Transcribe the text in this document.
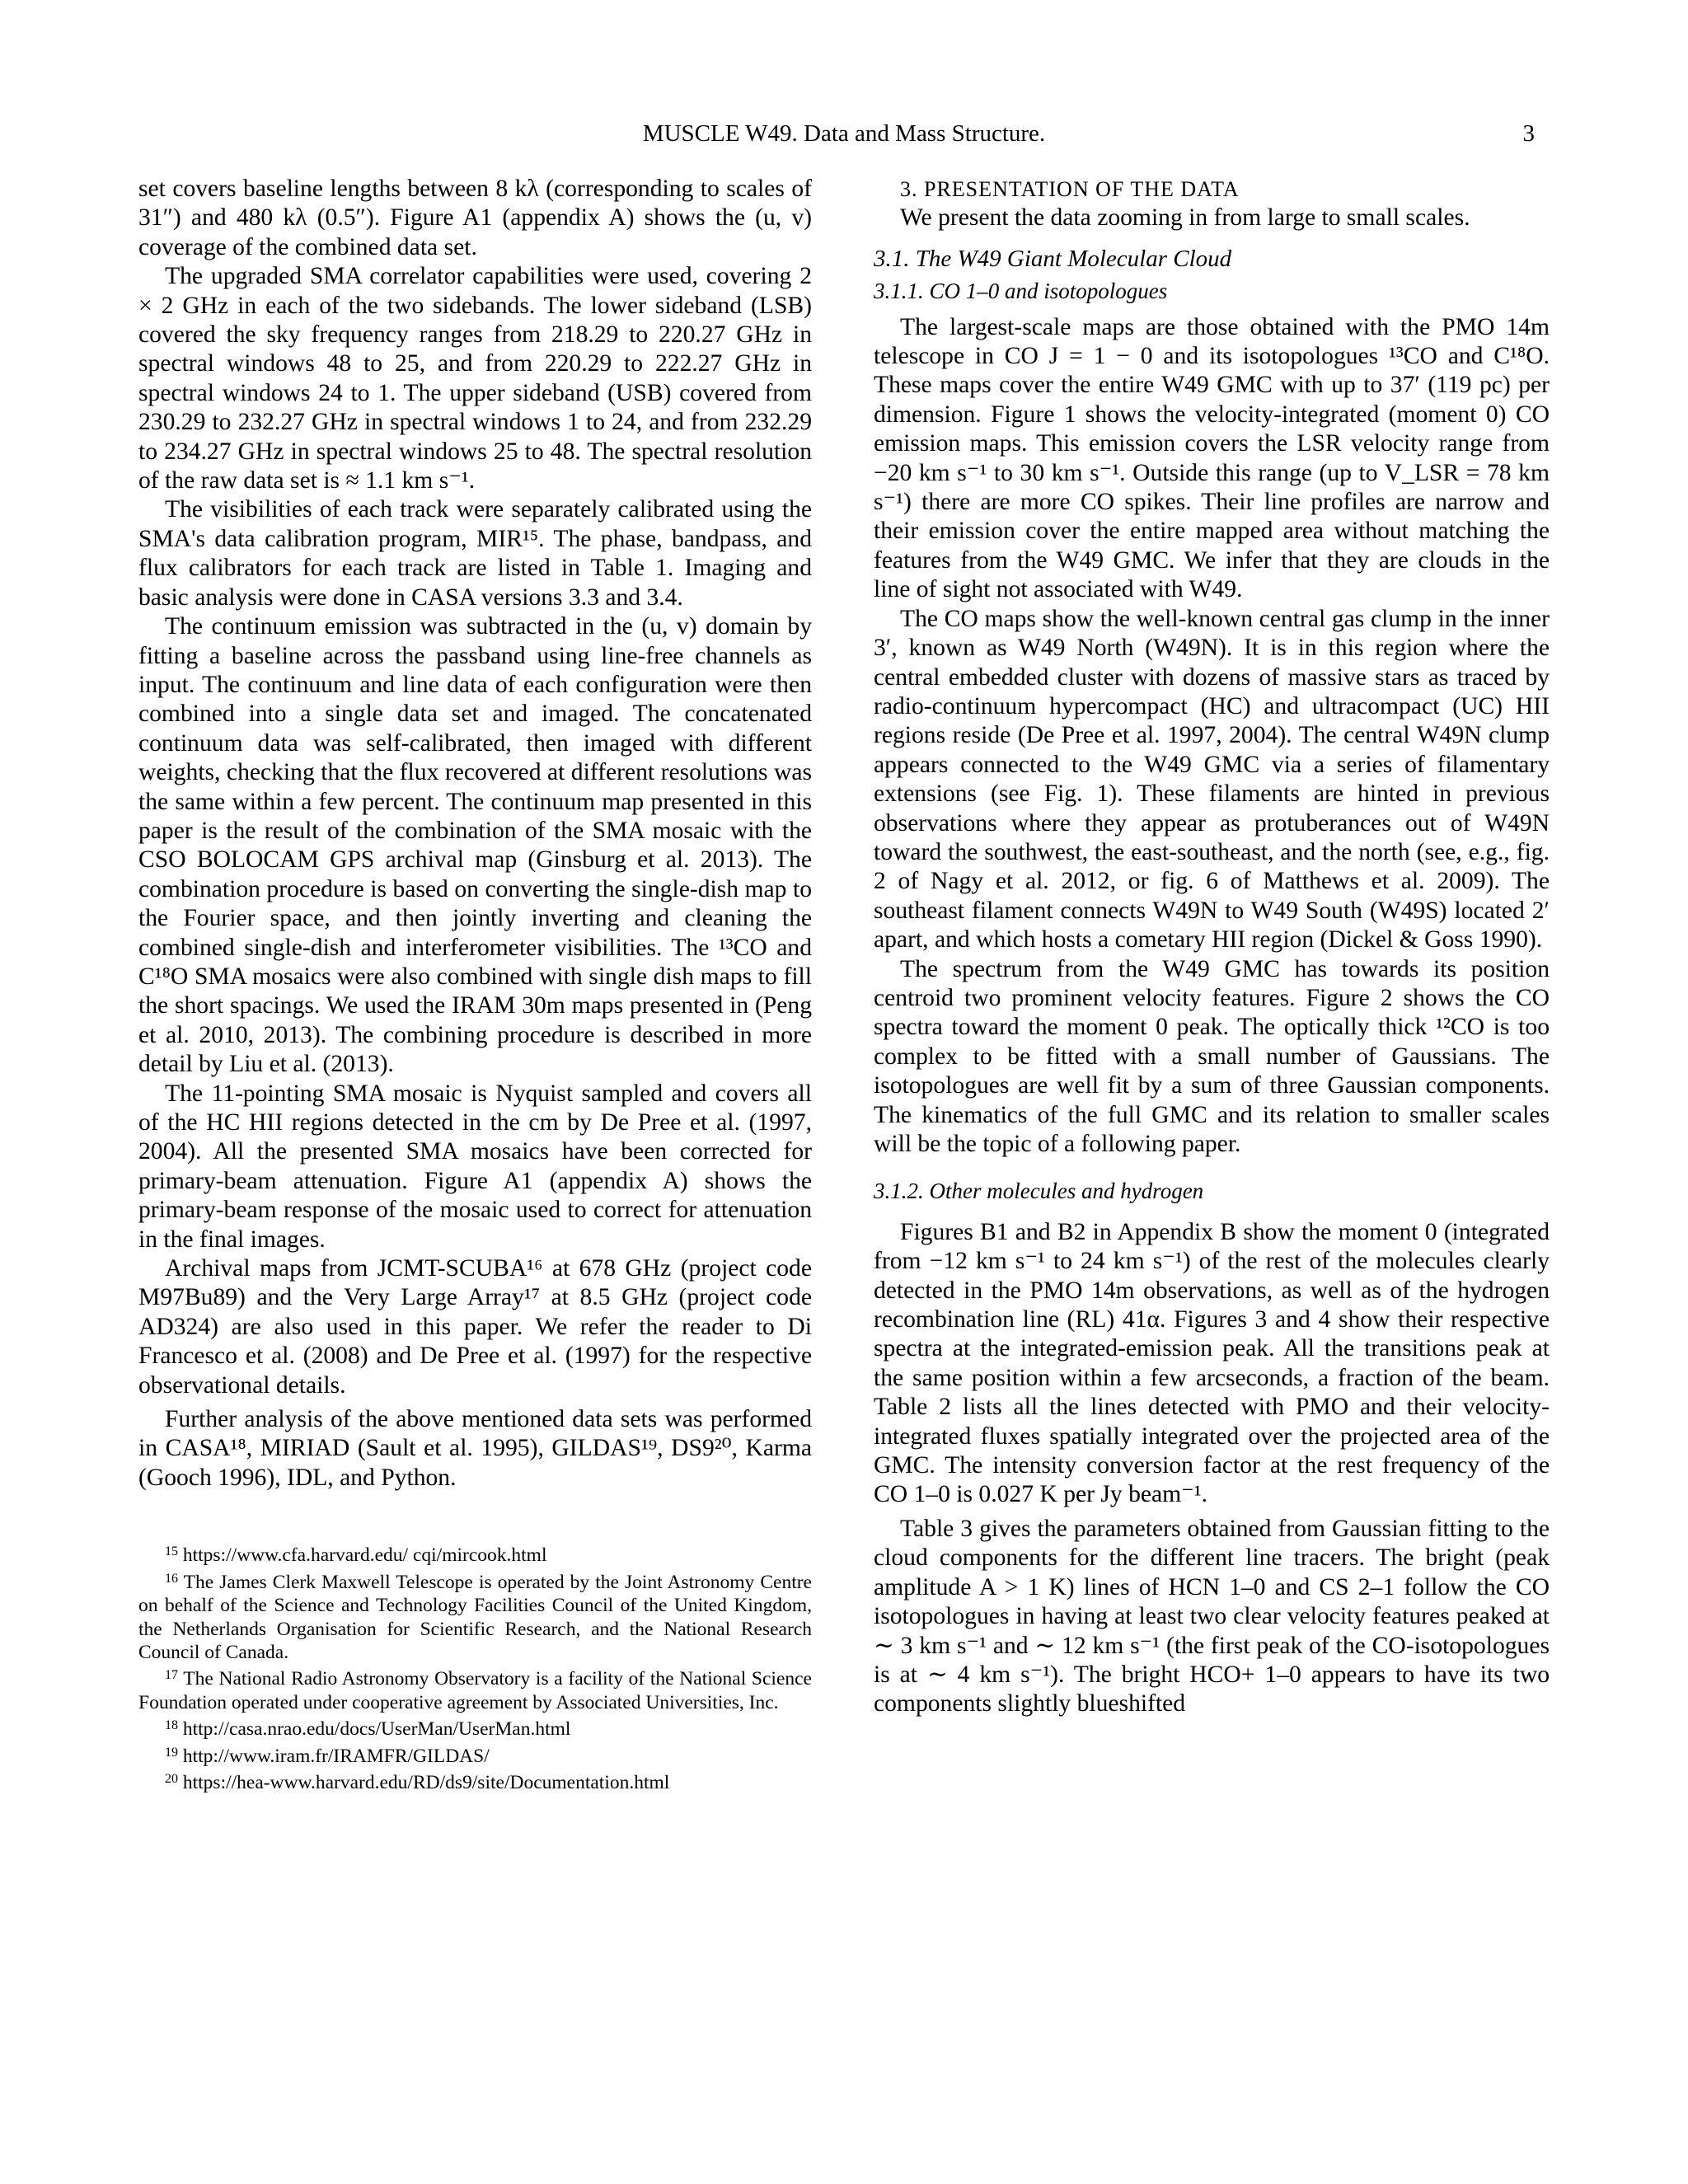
MUSCLE W49. Data and Mass Structure.	3

set covers baseline lengths between 8 kλ (corresponding to scales of 31″) and 480 kλ (0.5″). Figure A1 (appendix A) shows the (u, v) coverage of the combined data set.

The upgraded SMA correlator capabilities were used, covering 2 × 2 GHz in each of the two sidebands. The lower sideband (LSB) covered the sky frequency ranges from 218.29 to 220.27 GHz in spectral windows 48 to 25, and from 220.29 to 222.27 GHz in spectral windows 24 to 1. The upper sideband (USB) covered from 230.29 to 232.27 GHz in spectral windows 1 to 24, and from 232.29 to 234.27 GHz in spectral windows 25 to 48. The spectral resolution of the raw data set is ≈ 1.1 km s⁻¹.

The visibilities of each track were separately calibrated using the SMA's data calibration program, MIR¹⁵. The phase, bandpass, and flux calibrators for each track are listed in Table 1. Imaging and basic analysis were done in CASA versions 3.3 and 3.4.

The continuum emission was subtracted in the (u, v) domain by fitting a baseline across the passband using line-free channels as input. The continuum and line data of each configuration were then combined into a single data set and imaged. The concatenated continuum data was self-calibrated, then imaged with different weights, checking that the flux recovered at different resolutions was the same within a few percent. The continuum map presented in this paper is the result of the combination of the SMA mosaic with the CSO BOLOCAM GPS archival map (Ginsburg et al. 2013). The combination procedure is based on converting the single-dish map to the Fourier space, and then jointly inverting and cleaning the combined single-dish and interferometer visibilities. The ¹³CO and C¹⁸O SMA mosaics were also combined with single dish maps to fill the short spacings. We used the IRAM 30m maps presented in (Peng et al. 2010, 2013). The combining procedure is described in more detail by Liu et al. (2013).

The 11-pointing SMA mosaic is Nyquist sampled and covers all of the HC HII regions detected in the cm by De Pree et al. (1997, 2004). All the presented SMA mosaics have been corrected for primary-beam attenuation. Figure A1 (appendix A) shows the primary-beam response of the mosaic used to correct for attenuation in the final images.

Archival maps from JCMT-SCUBA¹⁶ at 678 GHz (project code M97Bu89) and the Very Large Array¹⁷ at 8.5 GHz (project code AD324) are also used in this paper. We refer the reader to Di Francesco et al. (2008) and De Pree et al. (1997) for the respective observational details.

Further analysis of the above mentioned data sets was performed in CASA¹⁸, MIRIAD (Sault et al. 1995), GILDAS¹⁹, DS9²⁰, Karma (Gooch 1996), IDL, and Python.

$^{15}$ https://www.cfa.harvard.edu/ cqi/mircook.html

$^{16}$ The James Clerk Maxwell Telescope is operated by the Joint Astronomy Centre on behalf of the Science and Technology Facilities Council of the United Kingdom, the Netherlands Organisation for Scientific Research, and the National Research Council of Canada.

$^{17}$ The National Radio Astronomy Observatory is a facility of the National Science Foundation operated under cooperative agreement by Associated Universities, Inc.

$^{18}$ http://casa.nrao.edu/docs/UserMan/UserMan.html

$^{19}$ http://www.iram.fr/IRAMFR/GILDAS/

$^{20}$ https://hea-www.harvard.edu/RD/ds9/site/Documentation.html

3. PRESENTATION OF THE DATA

We present the data zooming in from large to small scales.

3.1. The W49 Giant Molecular Cloud

3.1.1. CO 1–0 and isotopologues

The largest-scale maps are those obtained with the PMO 14m telescope in CO J = 1 − 0 and its isotopologues ¹³CO and C¹⁸O. These maps cover the entire W49 GMC with up to 37′ (119 pc) per dimension. Figure 1 shows the velocity-integrated (moment 0) CO emission maps. This emission covers the LSR velocity range from −20 km s⁻¹ to 30 km s⁻¹. Outside this range (up to V_LSR = 78 km s⁻¹) there are more CO spikes. Their line profiles are narrow and their emission cover the entire mapped area without matching the features from the W49 GMC. We infer that they are clouds in the line of sight not associated with W49.

The CO maps show the well-known central gas clump in the inner 3′, known as W49 North (W49N). It is in this region where the central embedded cluster with dozens of massive stars as traced by radio-continuum hypercompact (HC) and ultracompact (UC) HII regions reside (De Pree et al. 1997, 2004). The central W49N clump appears connected to the W49 GMC via a series of filamentary extensions (see Fig. 1). These filaments are hinted in previous observations where they appear as protuberances out of W49N toward the southwest, the east-southeast, and the north (see, e.g., fig. 2 of Nagy et al. 2012, or fig. 6 of Matthews et al. 2009). The southeast filament connects W49N to W49 South (W49S) located 2′ apart, and which hosts a cometary HII region (Dickel & Goss 1990).

The spectrum from the W49 GMC has towards its position centroid two prominent velocity features. Figure 2 shows the CO spectra toward the moment 0 peak. The optically thick ¹²CO is too complex to be fitted with a small number of Gaussians. The isotopologues are well fit by a sum of three Gaussian components. The kinematics of the full GMC and its relation to smaller scales will be the topic of a following paper.

3.1.2. Other molecules and hydrogen

Figures B1 and B2 in Appendix B show the moment 0 (integrated from −12 km s⁻¹ to 24 km s⁻¹) of the rest of the molecules clearly detected in the PMO 14m observations, as well as of the hydrogen recombination line (RL) 41α. Figures 3 and 4 show their respective spectra at the integrated-emission peak. All the transitions peak at the same position within a few arcseconds, a fraction of the beam. Table 2 lists all the lines detected with PMO and their velocity-integrated fluxes spatially integrated over the projected area of the GMC. The intensity conversion factor at the rest frequency of the CO 1–0 is 0.027 K per Jy beam⁻¹.

Table 3 gives the parameters obtained from Gaussian fitting to the cloud components for the different line tracers. The bright (peak amplitude A > 1 K) lines of HCN 1–0 and CS 2–1 follow the CO isotopologues in having at least two clear velocity features peaked at ∼ 3 km s⁻¹ and ∼ 12 km s⁻¹ (the first peak of the CO-isotopologues is at ∼ 4 km s⁻¹). The bright HCO+ 1–0 appears to have its two components slightly blueshifted
